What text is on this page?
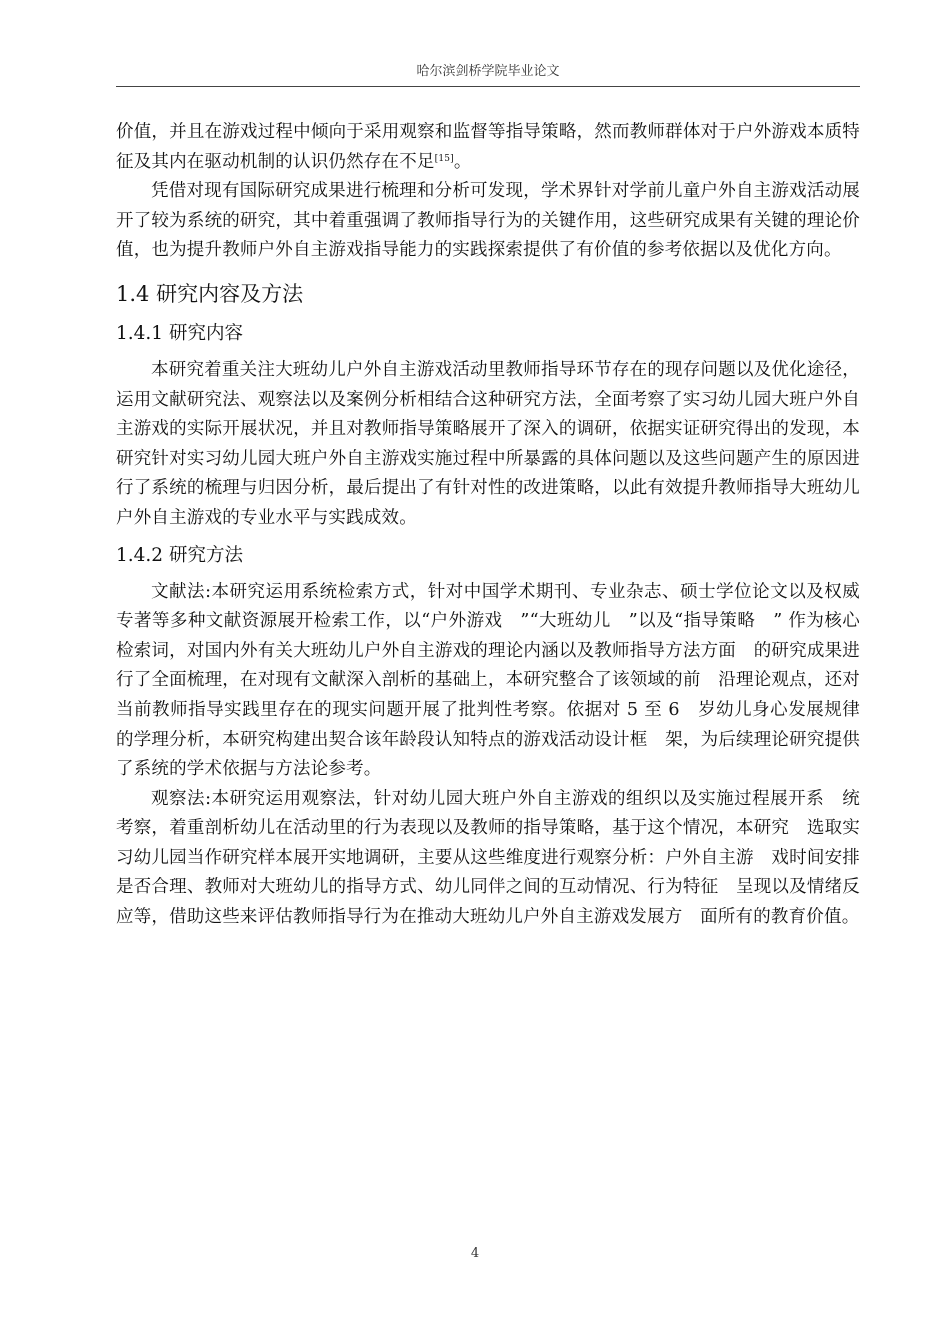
哈尔滨剑桥学院毕业论文

价值，并且在游戏过程中倾向于采用观察和监督等指导策略，然而教师群体对于户外游戏本质特征及其内在驱动机制的认识仍然存在不足[15]。

凭借对现有国际研究成果进行梳理和分析可发现，学术界针对学前儿童户外自主游戏活动展开了较为系统的研究，其中着重强调了教师指导行为的关键作用，这些研究成果有关键的理论价值，也为提升教师户外自主游戏指导能力的实践探索提供了有价值的参考依据以及优化方向。

1.4 研究内容及方法
1.4.1 研究内容

本研究着重关注大班幼儿户外自主游戏活动里教师指导环节存在的现存问题以及优化途径，运用文献研究法、观察法以及案例分析相结合这种研究方法，全面考察了实习幼儿园大班户外自主游戏的实际开展状况，并且对教师指导策略展开了深入的调研，依据实证研究得出的发现，本研究针对实习幼儿园大班户外自主游戏实施过程中所暴露的具体问题以及这些问题产生的原因进行了系统的梳理与归因分析，最后提出了有针对性的改进策略，以此有效提升教师指导大班幼儿户外自主游戏的专业水平与实践成效。

1.4.2 研究方法

文献法:本研究运用系统检索方式，针对中国学术期刊、专业杂志、硕士学位论文以及权威专著等多种文献资源展开检索工作，以“户外游戏　”“大班幼儿　”以及“指导策略　” 作为核心检索词，对国内外有关大班幼儿户外自主游戏的理论内涵以及教师指导方法方面　的研究成果进行了全面梳理，在对现有文献深入剖析的基础上，本研究整合了该领域的前　沿理论观点，还对当前教师指导实践里存在的现实问题开展了批判性考察。依据对 5 至 6　岁幼儿身心发展规律的学理分析，本研究构建出契合该年龄段认知特点的游戏活动设计框　架，为后续理论研究提供了系统的学术依据与方法论参考。

观察法:本研究运用观察法，针对幼儿园大班户外自主游戏的组织以及实施过程展开系　统考察，着重剖析幼儿在活动里的行为表现以及教师的指导策略，基于这个情况，本研究　选取实习幼儿园当作研究样本展开实地调研，主要从这些维度进行观察分析：户外自主游　戏时间安排是否合理、教师对大班幼儿的指导方式、幼儿同伴之间的互动情况、行为特征　呈现以及情绪反应等，借助这些来评估教师指导行为在推动大班幼儿户外自主游戏发展方　面所有的教育价值。

4
